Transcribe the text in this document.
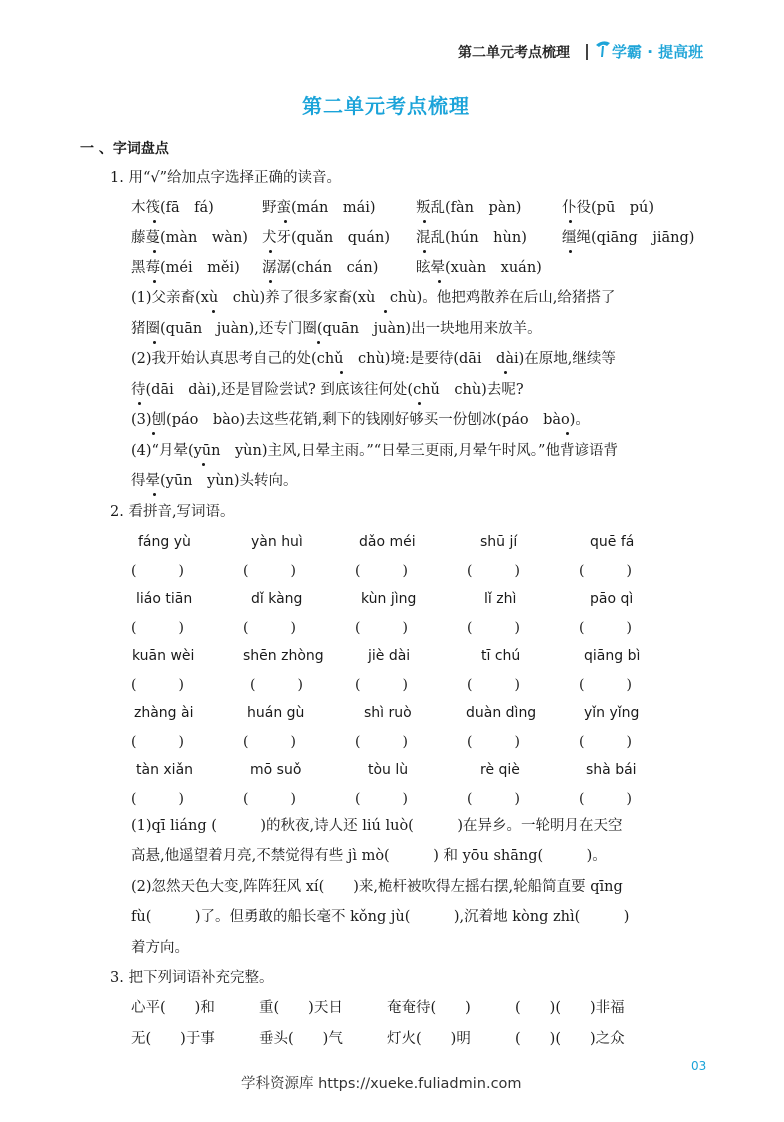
第二单元考点梳理	学霸 · 提高班
第二单元考点梳理
一 、字词盘点
1. 用“√”给加点字选择正确的读音。
木筏(fā　fá)	野蛮(mán　mái)	叛乱(fàn　pàn)	仆役(pū　pú)
藤蔓(màn　wàn) 犬牙(quǎn　quán) 混乱(hún　hùn) 缰绳(qiāng　jiāng)
黑莓(méi　měi) 潺潺(chán　cán)	眩晕(xuàn　xuán)
(1)父亲畜(xù　chù)养了很多家畜(xù　chù)。他把鸡散养在后山,给猪搭了
猪圈(quān　juàn),还专门圈(quān　juàn)出一块地用来放羊。
(2)我开始认真思考自己的处(chǔ　chù)境:是要待(dāi　dài)在原地,继续等
待(dāi　dài),还是冒险尝试? 到底该往何处(chǔ　chù)去呢?
(3)刨(páo　bào)去这些花销,剩下的钱刚好够买一份刨冰(páo　bào)。
(4)“月晕(yūn　yùn)主风,日晕主雨。”“日晕三更雨,月晕午时风。”他背谚语背
得晕(yūn　yùn)头转向。
2. 看拼音,写词语。
fáng yù	yàn huì	dǎo méi	shū jí	quē fá
(　　　)	(　　　)	(　　　)	(　　　)	(　　　)
liáo tiān	dǐ kàng	kùn jìng	lǐ zhì	pāo qì
(　　　)	(　　　)	(　　　)	(　　　)	(　　　)
kuān wèi	shēn zhòng	jiè dài	tī chú	qiāng bì
(　　　)	(　　　)	(　　　)	(　　　)	(　　　)
zhàng ài	huán gù	shì ruò	duàn dìng	yǐn yǐng
(　　　)	(　　　)	(　　　)	(　　　)	(　　　)
tàn xiǎn	mō suǒ	tòu lù	rè qiè	shà bái
(　　　)	(　　　)	(　　　)	(　　　)	(　　　)
(1)qī liáng (　　　)的秋夜,诗人还 liú luò(　　　)在异乡。一轮明月在天空
高悬,他遥望着月亮,不禁觉得有些 jì mò(　　　) 和 yōu shāng(　　　)。
(2)忽然天色大变,阵阵狂风 xí(　　)来,桅杆被吹得左摇右摆,轮船简直要 qīng
fù(　　　)了。但勇敢的船长毫不 kǒng jù(　　　),沉着地 kòng zhì(　　　)
着方向。
3. 把下列词语补充完整。
心平(　　)和	重(　　)天日	奄奄待(　　)	(　　)(　　)非福
无(　　)于事	垂头(　　)气	灯火(　　)明	(　　)(　　)之众
03
学科资源库 https://xueke.fuliadmin.com
